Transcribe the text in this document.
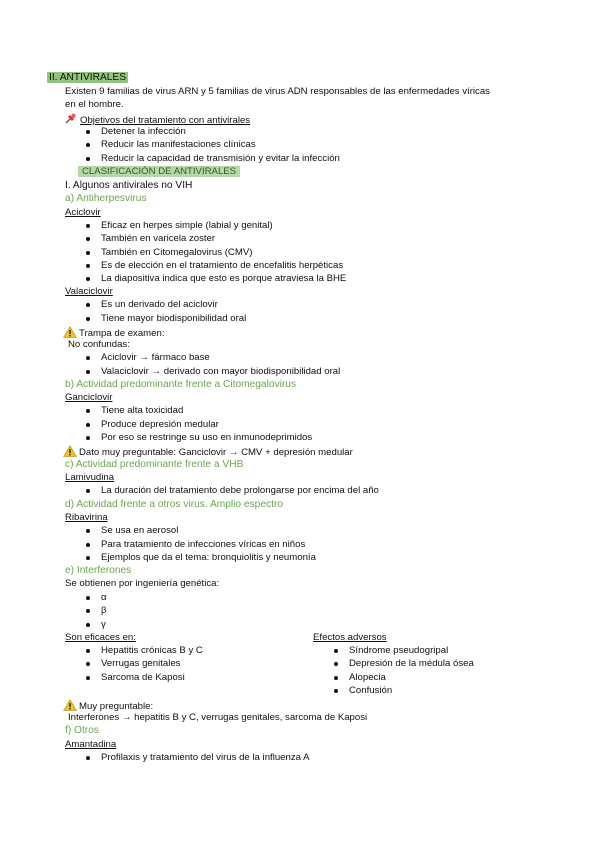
II. ANTIVIRALES
Existen 9 familias de virus ARN y 5 familias de virus ADN responsables de las enfermedades víricas
en el hombre.
Objetivos del tratamiento con antivirales
Detener la infección
Reducir las manifestaciones clínicas
Reducir la capacidad de transmisión y evitar la infección
CLASIFICACIÓN DE ANTIVIRALES
I. Algunos antivirales no VIH
a) Antiherpesvirus
Aciclovir
Eficaz en herpes simple (labial y genital)
También en varicela zoster
También en Citomegalovirus (CMV)
Es de elección en el tratamiento de encefalitis herpéticas
La diapositiva indica que esto es porque atraviesa la BHE
Valaciclovir
Es un derivado del aciclovir
Tiene mayor biodisponibilidad oral
Trampa de examen:
No confundas:
Aciclovir → fármaco base
Valaciclovir → derivado con mayor biodisponibilidad oral
b) Actividad predominante frente a Citomegalovirus
Ganciclovir
Tiene alta toxicidad
Produce depresión medular
Por eso se restringe su uso en inmunodeprimidos
Dato muy preguntable: Ganciclovir → CMV + depresión medular
c) Actividad predominante frente a VHB
Lamivudina
La duración del tratamiento debe prolongarse por encima del año
d) Actividad frente a otros virus. Amplio espectro
Ribavirina
Se usa en aerosol
Para tratamiento de infecciones víricas en niños
Ejemplos que da el tema: bronquiolitis y neumonía
e) Interferones
Se obtienen por ingeniería genética:
α
β
γ
Son eficaces en:
Hepatitis crónicas B y C
Verrugas genitales
Sarcoma de Kaposi
Efectos adversos
Síndrome pseudogripal
Depresión de la médula ósea
Alopecia
Confusión
Muy preguntable:
Interferones → hepatitis B y C, verrugas genitales, sarcoma de Kaposi
f) Otros
Amantadina
Profilaxis y tratamiento del virus de la influenza A
